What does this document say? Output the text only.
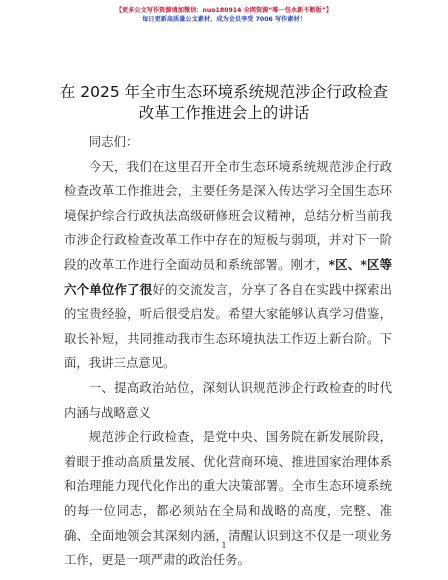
【更多公文写作资源请加微信：nuo180914 全网资源“唯一包永新不断版”】
每日更新高质量公文素材，成为会员享受 7006 写作素材！
在 2025 年全市生态环境系统规范涉企行政检查
改革工作推进会上的讲话

同志们：

今天，我们在这里召开全市生态环境系统规范涉企行政检查改革工作推进会，主要任务是深入传达学习全国生态环境保护综合行政执法高级研修班会议精神，总结分析当前我市涉企行政检查改革工作中存在的短板与弱项，并对下一阶段的改革工作进行全面动员和系统部署。刚才，*区、*区等六个单位作了很好的交流发言，分享了各自在实践中探索出的宝贵经验，听后很受启发。希望大家能够认真学习借鉴，取长补短，共同推动我市生态环境执法工作迈上新台阶。下面，我讲三点意见。

一、提高政治站位，深刻认识规范涉企行政检查的时代内涵与战略意义

规范涉企行政检查，是党中央、国务院在新发展阶段，着眼于推动高质量发展、优化营商环境、推进国家治理体系和治理能力现代化作出的重大决策部署。全市生态环境系统的每一位同志，都必须站在全局和战略的高度，完整、准确、全面地领会其深刻内涵，清醒认识到这不仅是一项业务工作，更是一项严肃的政治任务。

1
